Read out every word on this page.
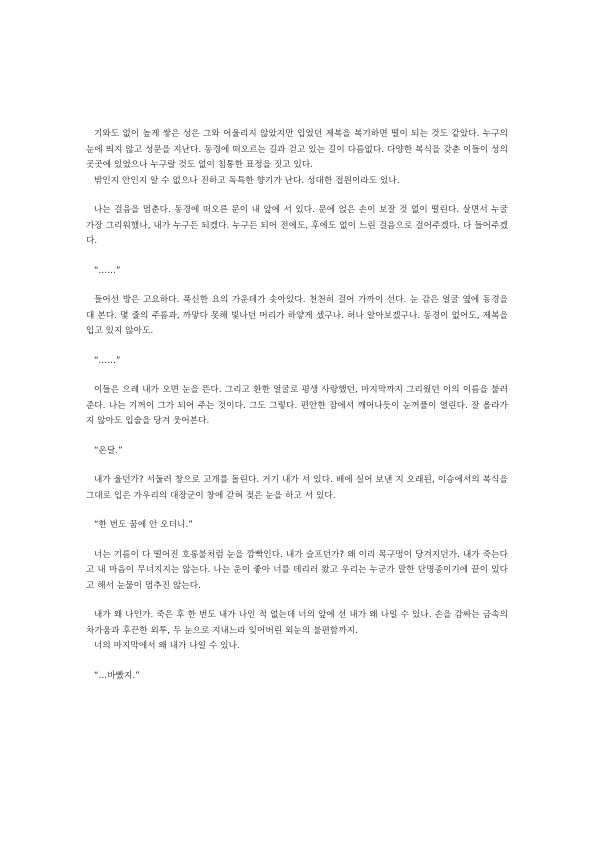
기와도 없이 높게 쌓은 성은 그와 어울리지 않았지만 입었던 제복을 복기하면 떨이 되는 것도 같았다. 누구의 눈에 띄지 않고 성문을 지난다. 동경에 떠오르는 길과 걷고 있는 길이 다름없다. 다양한 복식을 갖춘 이들이 성의 곳곳에 있었으나 누구랄 것도 없이 침통한 표정을 짓고 있다.

밖인지 안인지 알 수 없으나 진하고 독특한 향기가 난다. 성대한 접원이라도 있나.

나는 걸음을 멈춘다. 동경에 떠오른 문이 내 앞에 서 있다. 문에 얹은 손이 보잘 것 없이 떨린다. 살면서 누굴 가장 그리워했나, 내가 누구든 되겠다. 누구든 되어 전에도, 후에도 없이 느린 걸음으로 걸어주겠다. 다 들어주겠다.

“……”

들어선 방은 고요하다. 푹신한 요의 가운데가 솟아있다. 천천히 걸어 가까이 선다. 눈 감은 얼굴 옆에 동경을 대 본다. 몇 줄의 주름과, 까맣다 못해 빛나던 머리가 하얗게 셌구나. 허나 알아보겠구나. 동경이 없어도, 제복을 입고 있지 않아도.

“……”

이들은 으레 내가 오면 눈을 뜬다. 그리고 환한 얼굴로 평생 사랑했던, 마지막까지 그리웠던 이의 이름을 불러준다. 나는 기꺼이 그가 되어 주는 것이다. 그도 그렇다. 편안한 잠에서 깨어나듯이 눈꺼풀이 열린다. 잘 올라가지 않아도 입술을 당겨 웃어본다.

“온달.”

내가 울던가? 서둘러 창으로 고개를 돌린다. 거기 내가 서 있다. 배에 실어 보낸 지 오래된, 이승에서의 복식을 그대로 입은 가우리의 대장군이 창에 갇혀 젖은 눈을 하고 서 있다.

“한 번도 꿈에 안 오더니.”

너는 기름이 다 떨어진 호롱불처럼 눈을 깜빡인다. 내가 슬프던가? 왜 이리 목구멍이 당겨지던가. 내가 죽는다고 내 마음이 무너지지는 않는다. 나는 운이 좋아 너를 데리러 왔고 우리는 누군가 말한 단명종이기에 끝이 있다고 해서 눈물이 멈추진 않는다.

내가 왜 나인가. 죽은 후 한 번도 내가 나인 적 없는데 너의 앞에 선 내가 왜 나일 수 있나. 손을 감싸는 금속의 차가움과 후끈한 외투, 두 눈으로 지내느라 잊어버린 외눈의 불편함까지.

너의 마지막에서 왜 내가 나일 수 있나.

“…바빴지.”
